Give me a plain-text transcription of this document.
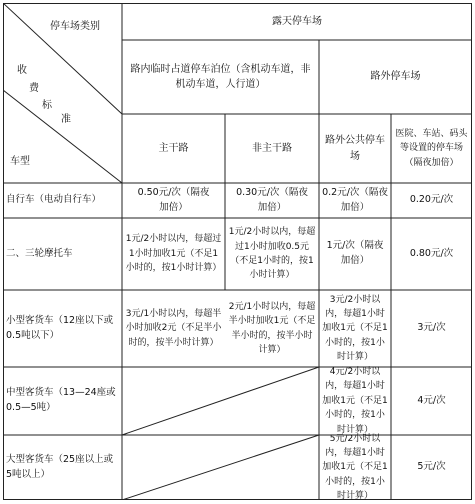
停车场类别
收
费
标
准
车型
露天停车场
路内临时占道停车泊位（含机动车道，非机动车道，人行道）
路外停车场
主干路	非主干路
路外公共停车场
医院、车站、码头等设置的停车场（隔夜加倍）
自行车（电动自行车）
0.50元/次（隔夜加倍）
0.30元/次（隔夜加倍）
0.2元/次（隔夜加倍）
0.20元/次
二、三轮摩托车
1元/2小时以内，每超过1小时加收1元（不足1小时的，按1小时计算）
1元/2小时以内，每超过1小时加收0.5元（不足1小时的，按1小时计算）
1元/次（隔夜加倍）
0.80元/次
小型客货车（12座以下或0.5吨以下）
3元/1小时以内，每超半小时加收2元（不足半小时的，按半小时计算）
2元/1小时以内，每超半小时加收1元（不足半小时的，按半小时计算）
3元/2小时以内，每超1小时加收1元（不足1小时的，按1小时计算）
3元/次
中型客货车（13—24座或0.5—5吨）
4元/2小时以内，每超1小时加收1元（不足1小时的，按1小时计算）
4元/次
大型客货车（25座以上或5吨以上）
5元/2小时以内，每超1小时加收1元（不足1小时的，按1小时计算）
5元/次
